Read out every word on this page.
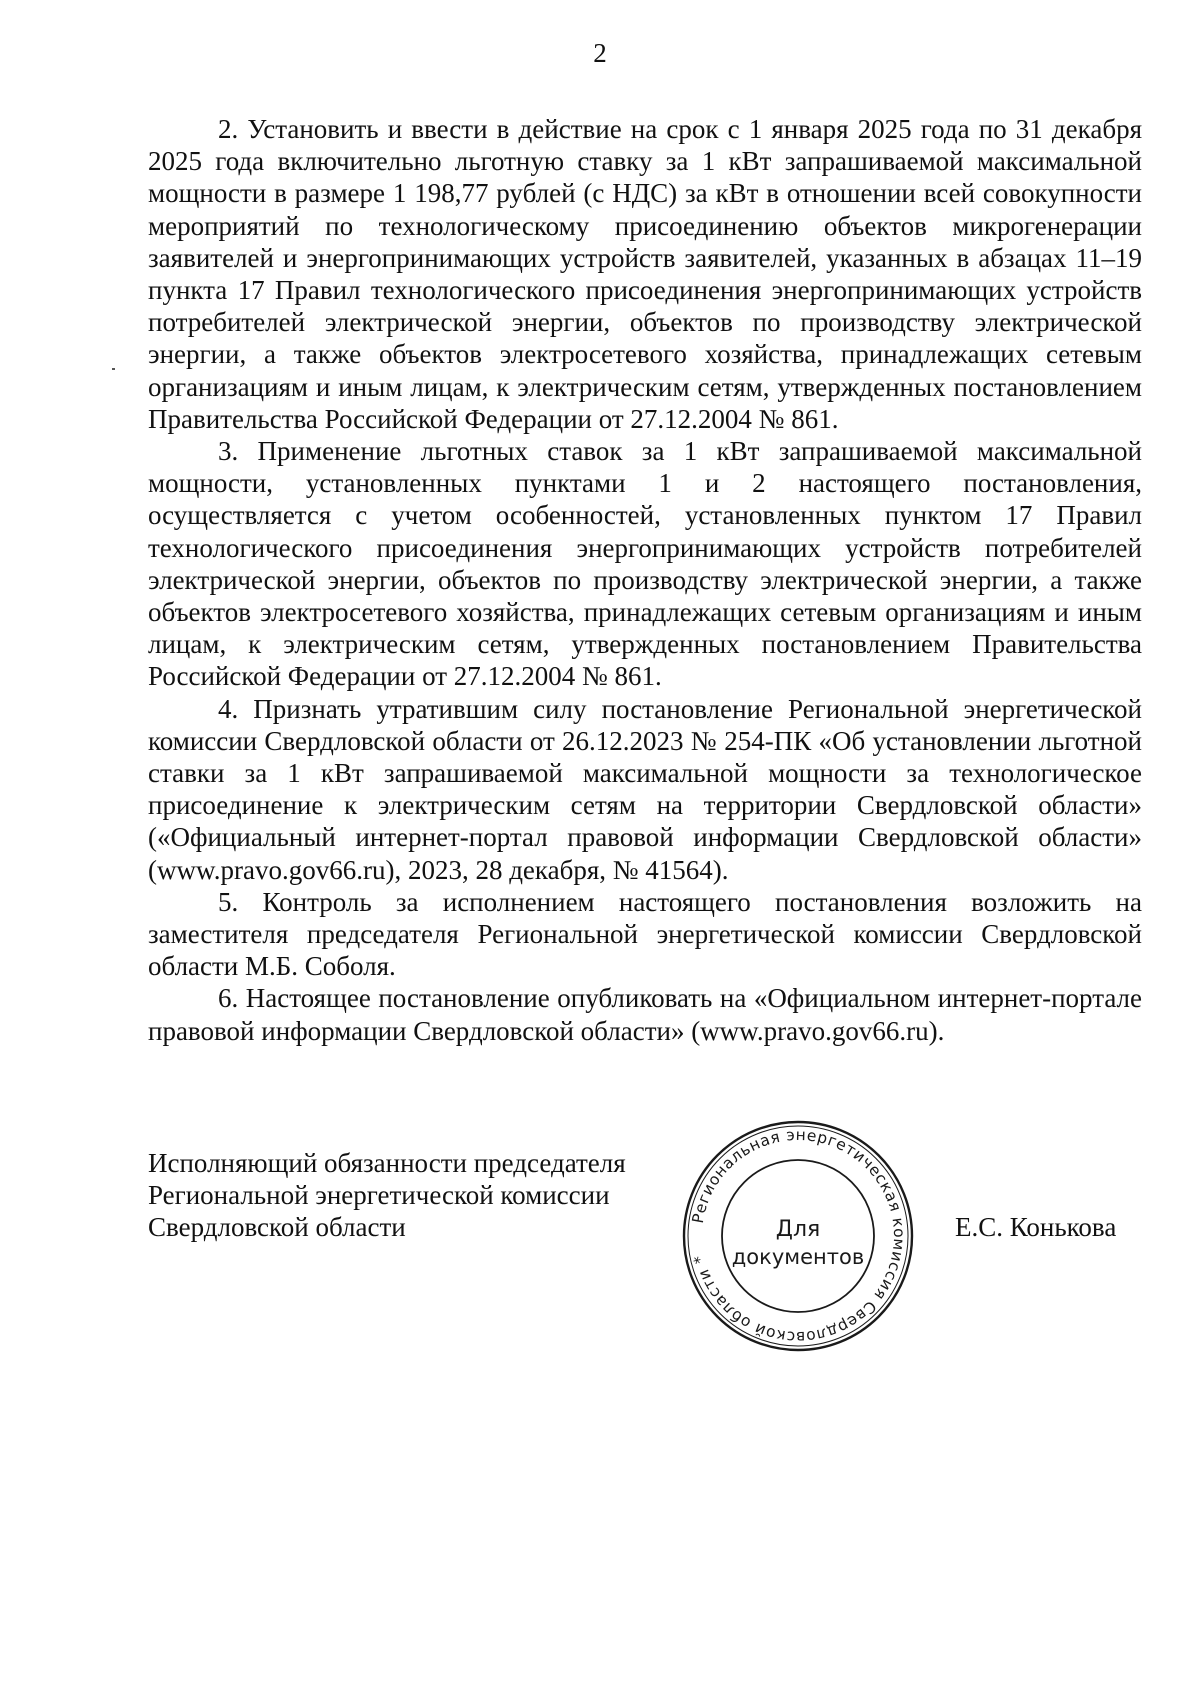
2

2. Установить и ввести в действие на срок с 1 января 2025 года по 31 декабря 2025 года включительно льготную ставку за 1 кВт запрашиваемой максимальной мощности в размере 1 198,77 рублей (с НДС) за кВт в отношении всей совокупности мероприятий по технологическому присоединению объектов микрогенерации заявителей и энергопринимающих устройств заявителей, указанных в абзацах 11–19 пункта 17 Правил технологического присоединения энергопринимающих устройств потребителей электрической энергии, объектов по производству электрической энергии, а также объектов электросетевого хозяйства, принадлежащих сетевым организациям и иным лицам, к электрическим сетям, утвержденных постановлением Правительства Российской Федерации от 27.12.2004 № 861.

3. Применение льготных ставок за 1 кВт запрашиваемой максимальной мощности, установленных пунктами 1 и 2 настоящего постановления, осуществляется с учетом особенностей, установленных пунктом 17 Правил технологического присоединения энергопринимающих устройств потребителей электрической энергии, объектов по производству электрической энергии, а также объектов электросетевого хозяйства, принадлежащих сетевым организациям и иным лицам, к электрическим сетям, утвержденных постановлением Правительства Российской Федерации от 27.12.2004 № 861.

4. Признать утратившим силу постановление Региональной энергетической комиссии Свердловской области от 26.12.2023 № 254-ПК «Об установлении льготной ставки за 1 кВт запрашиваемой максимальной мощности за технологическое присоединение к электрическим сетям на территории Свердловской области» («Официальный интернет-портал правовой информации Свердловской области» (www.pravo.gov66.ru), 2023, 28 декабря, № 41564).

5. Контроль за исполнением настоящего постановления возложить на заместителя председателя Региональной энергетической комиссии Свердловской области М.Б. Соболя.

6. Настоящее постановление опубликовать на «Официальном интернет-портале правовой информации Свердловской области» (www.pravo.gov66.ru).

Исполняющий обязанности председателя
Региональной энергетической комиссии
Свердловской области	Региональная энергетическая комиссия Свердловской области *
Для
документов
Е.С. Конькова
